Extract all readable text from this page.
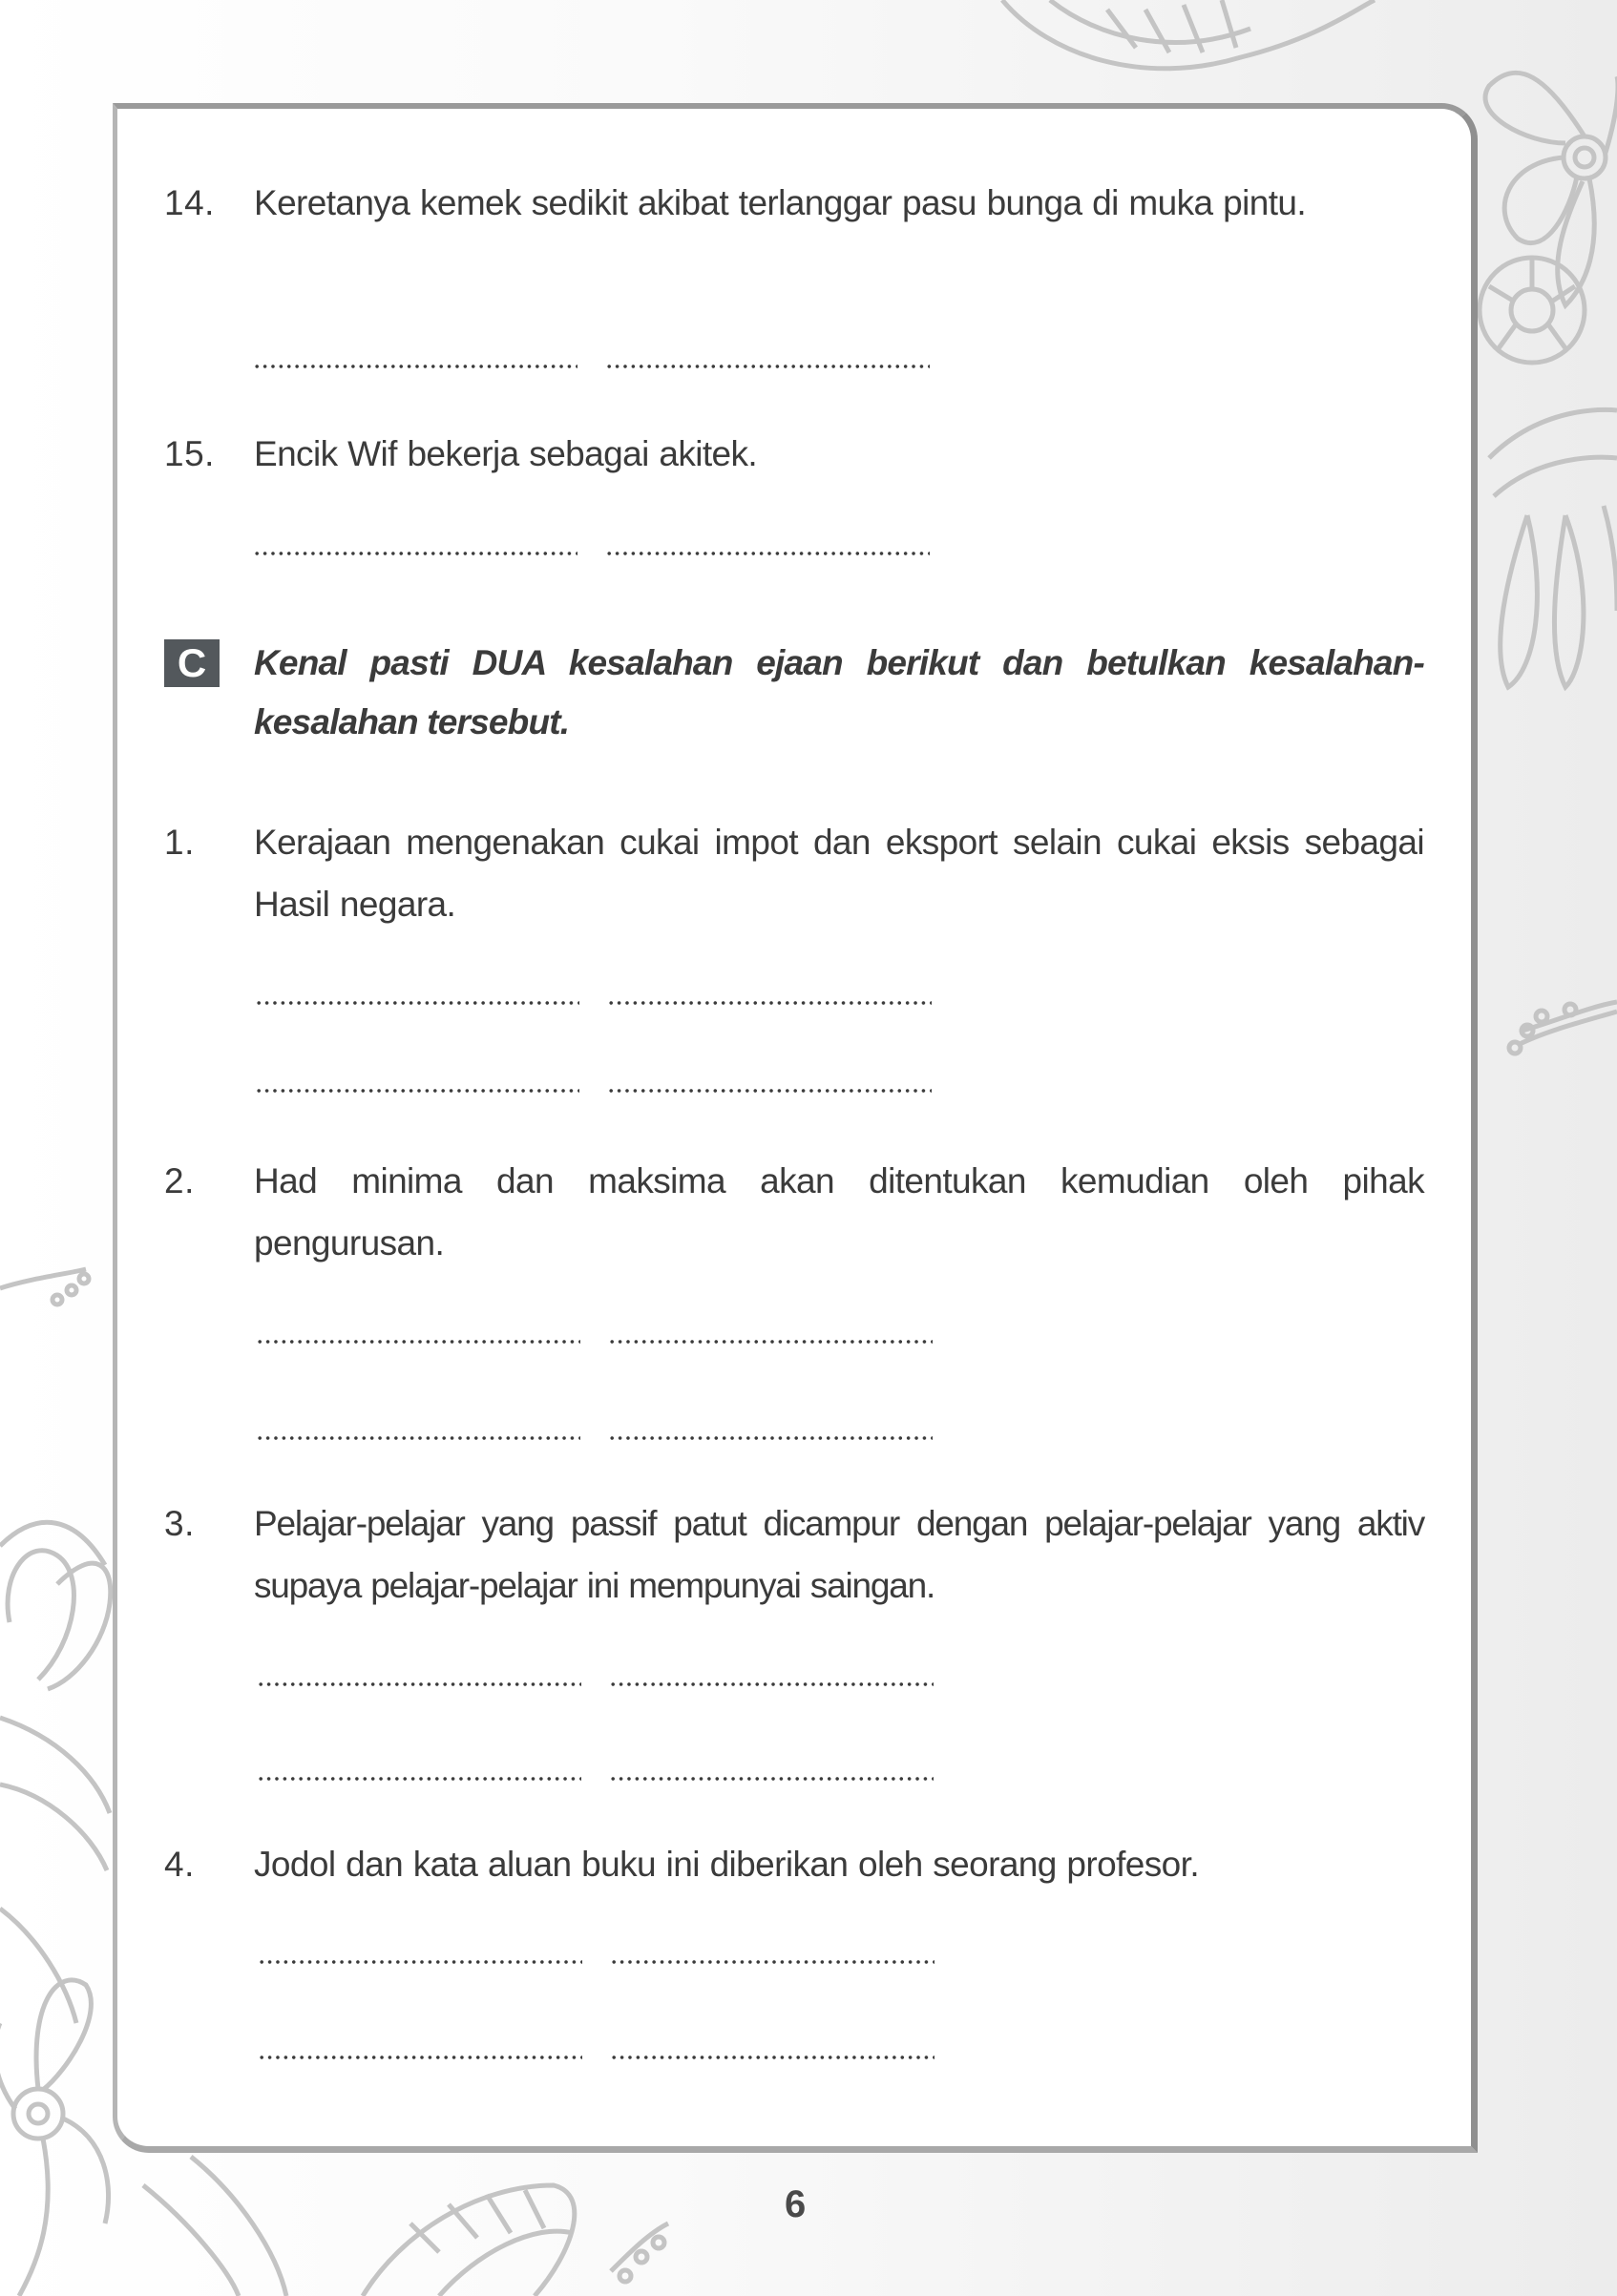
14. Keretanya kemek sedikit akibat terlanggar pasu bunga di muka pintu.
15. Encik Wif bekerja sebagai akitek.
C	Kenal pasti DUA kesalahan ejaan berikut dan betulkan kesalahan-kesalahan tersebut.
1. Kerajaan mengenakan cukai impot dan eksport selain cukai eksis sebagai Hasil negara.
2. Had minima dan maksima akan ditentukan kemudian oleh pihak pengurusan.
3. Pelajar-pelajar yang passif patut dicampur dengan pelajar-pelajar yang aktiv supaya pelajar-pelajar ini mempunyai saingan.
4. Jodol dan kata aluan buku ini diberikan oleh seorang profesor.
6
